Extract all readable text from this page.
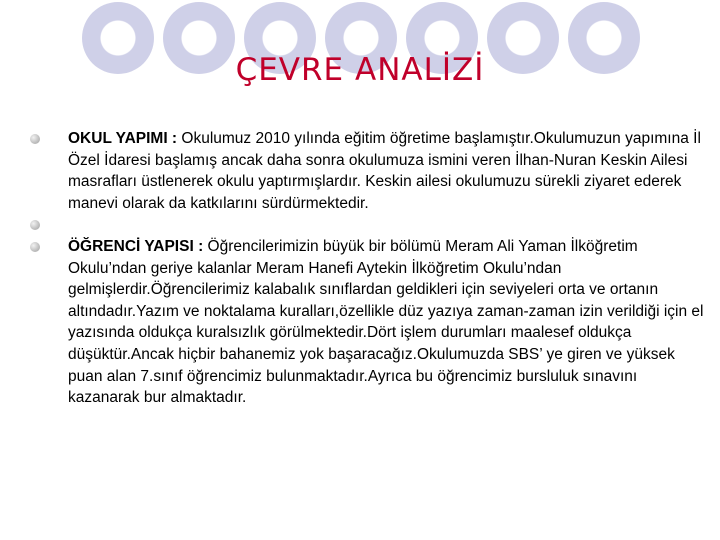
ÇEVRE ANALİZİ
OKUL YAPIMI : Okulumuz 2010 yılında eğitim öğretime başlamıştır.Okulumuzun yapımına İl Özel İdaresi başlamış ancak daha sonra okulumuza ismini veren İlhan-Nuran Keskin Ailesi masrafları üstlenerek okulu yaptırmışlardır. Keskin ailesi okulumuzu sürekli ziyaret ederek manevi olarak da katkılarını sürdürmektedir.
ÖĞRENCİ YAPISI : Öğrencilerimizin büyük bir bölümü Meram Ali Yaman İlköğretim Okulu’ndan geriye kalanlar Meram Hanefi Aytekin İlköğretim Okulu’ndan gelmişlerdir.Öğrencilerimiz kalabalık sınıflardan geldikleri için seviyeleri orta ve ortanın altındadır.Yazım ve noktalama kuralları,özellikle düz yazıya zaman-zaman izin verildiği için el yazısında oldukça kuralsızlık görülmektedir.Dört işlem durumları maalesef oldukça düşüktür.Ancak hiçbir bahanemiz yok başaracağız.Okulumuzda SBS’ ye giren ve yüksek puan alan 7.sınıf öğrencimiz bulunmaktadır.Ayrıca bu öğrencimiz bursluluk sınavını kazanarak bur almaktadır.
